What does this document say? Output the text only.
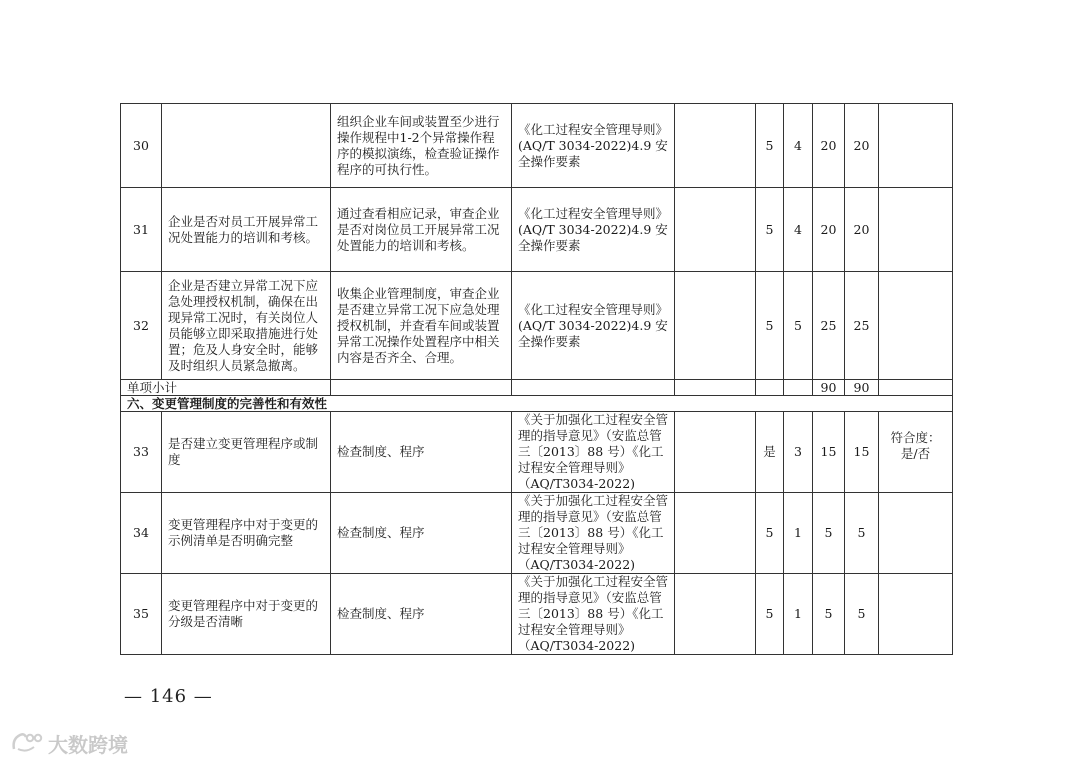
30		组织企业车间或装置至少进行操作规程中1-2个异常操作程序的模拟演练，检查验证操作程序的可执行性。	《化工过程安全管理导则》(AQ/T 3034-2022)4.9 安全操作要素		5	4	20	20	
31	企业是否对员工开展异常工况处置能力的培训和考核。	通过查看相应记录，审查企业是否对岗位员工开展异常工况处置能力的培训和考核。	《化工过程安全管理导则》(AQ/T 3034-2022)4.9 安全操作要素		5	4	20	20	
32	企业是否建立异常工况下应急处理授权机制，确保在出现异常工况时，有关岗位人员能够立即采取措施进行处置；危及人身安全时，能够及时组织人员紧急撤离。	收集企业管理制度，审查企业是否建立异常工况下应急处理授权机制，并查看车间或装置异常工况操作处置程序中相关内容是否齐全、合理。	《化工过程安全管理导则》(AQ/T 3034-2022)4.9 安全操作要素		5	5	25	25	
单项小计							90	90	
六、变更管理制度的完善性和有效性									
33	是否建立变更管理程序或制度	检查制度、程序	《关于加强化工过程安全管理的指导意见》（安监总管三〔2013〕88 号）《化工过程安全管理导则》（AQ/T3034-2022)		是	3	15	15	符合度：是/否
34	变更管理程序中对于变更的示例清单是否明确完整	检查制度、程序	《关于加强化工过程安全管理的指导意见》（安监总管三〔2013〕88 号）《化工过程安全管理导则》（AQ/T3034-2022)		5	1	5	5	
35	变更管理程序中对于变更的分级是否清晰	检查制度、程序	《关于加强化工过程安全管理的指导意见》（安监总管三〔2013〕88 号）《化工过程安全管理导则》（AQ/T3034-2022)		5	1	5	5	
— 146 —
大数跨境
